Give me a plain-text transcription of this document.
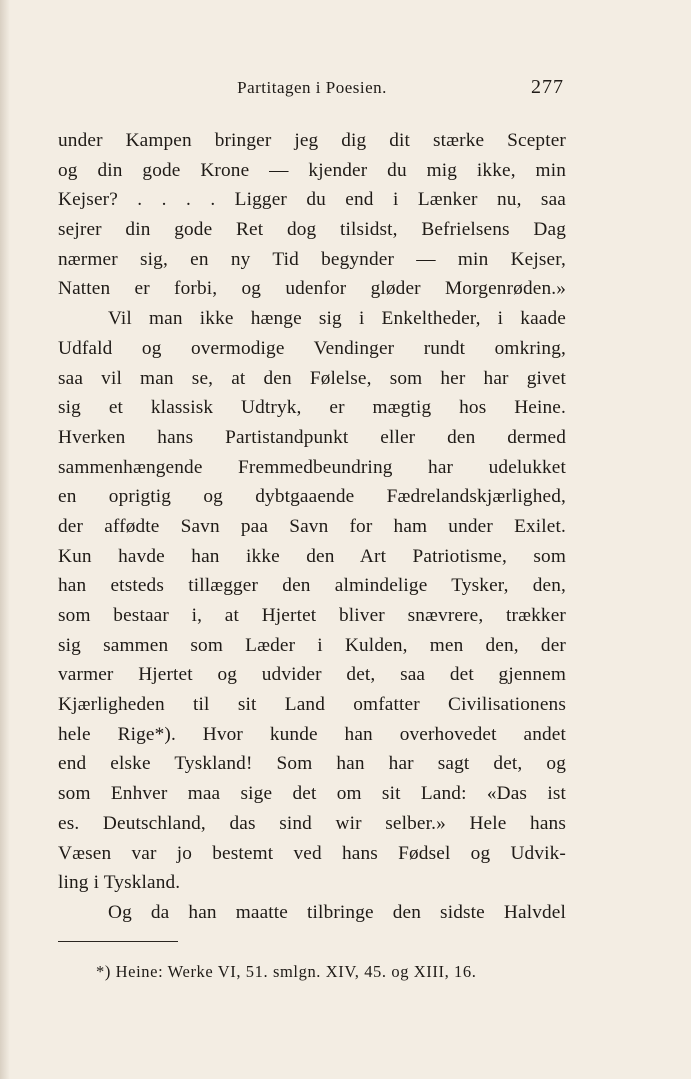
Partitagen i Poesien.	277
under Kampen bringer jeg dig dit stærke Scepter
og din gode Krone — kjender du mig ikke, min
Kejser? . . . . Ligger du end i Lænker nu, saa
sejrer din gode Ret dog tilsidst, Befrielsens Dag
nærmer sig, en ny Tid begynder — min Kejser,
Natten er forbi, og udenfor gløder Morgenrøden.»
Vil man ikke hænge sig i Enkeltheder, i kaade
Udfald og overmodige Vendinger rundt omkring,
saa vil man se, at den Følelse, som her har givet
sig et klassisk Udtryk, er mægtig hos Heine.
Hverken hans Partistandpunkt eller den dermed
sammenhængende Fremmedbeundring har udelukket
en oprigtig og dybtgaaende Fædrelandskjærlighed,
der affødte Savn paa Savn for ham under Exilet.
Kun havde han ikke den Art Patriotisme, som
han etsteds tillægger den almindelige Tysker, den,
som bestaar i, at Hjertet bliver snævrere, trækker
sig sammen som Læder i Kulden, men den, der
varmer Hjertet og udvider det, saa det gjennem
Kjærligheden til sit Land omfatter Civilisationens
hele Rige*). Hvor kunde han overhovedet andet
end elske Tyskland! Som han har sagt det, og
som Enhver maa sige det om sit Land: «Das ist
es. Deutschland, das sind wir selber.» Hele hans
Væsen var jo bestemt ved hans Fødsel og Udvik-
ling i Tyskland.
Og da han maatte tilbringe den sidste Halvdel
*) Heine: Werke VI, 51. smlgn. XIV, 45. og XIII, 16.
